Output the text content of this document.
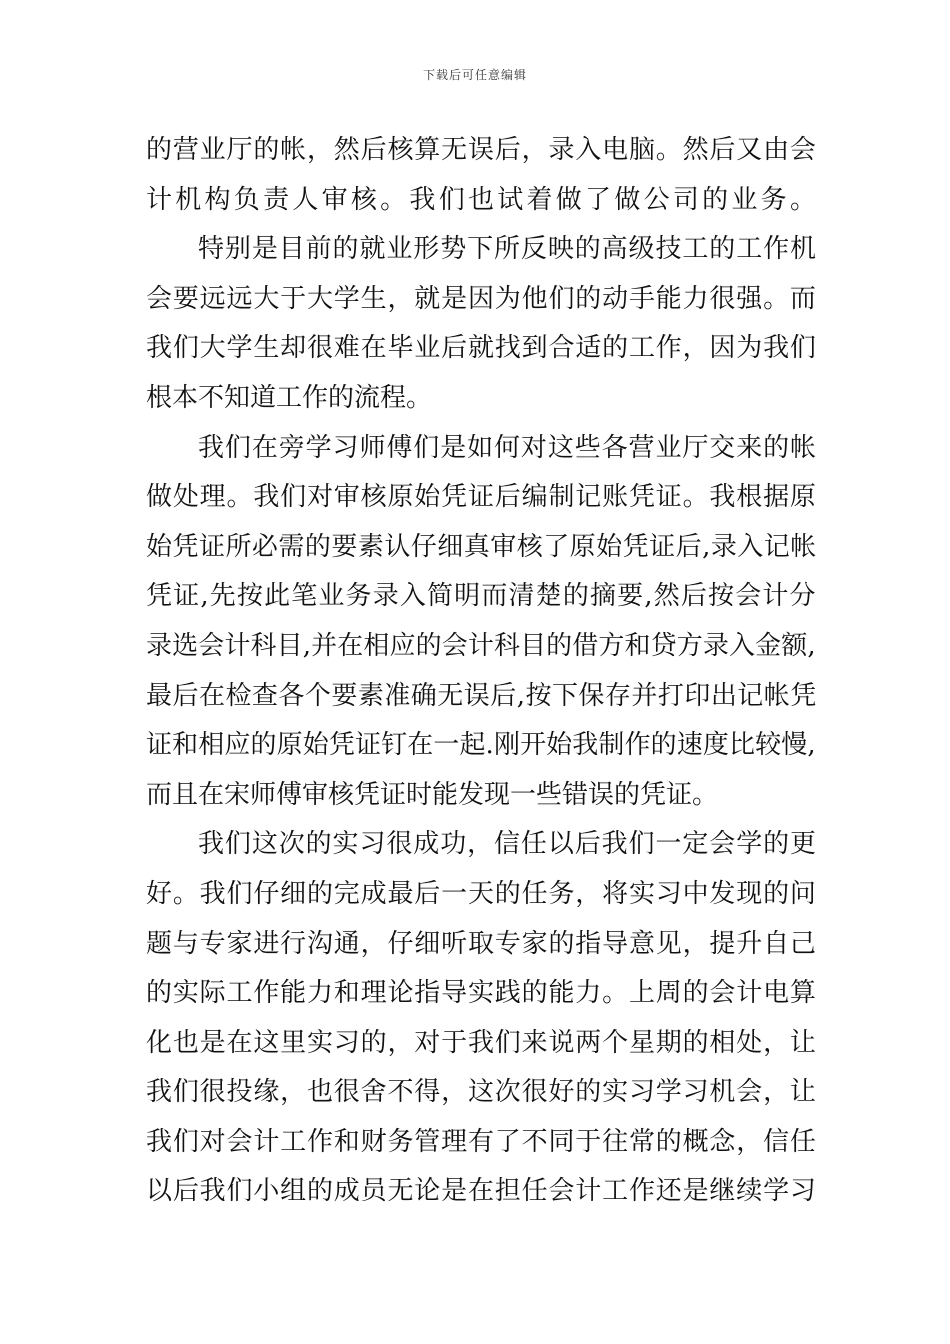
下载后可任意编辑
的营业厅的帐，然后核算无误后，录入电脑。然后又由会
计机构负责人审核。我们也试着做了做公司的业务。
特别是目前的就业形势下所反映的高级技工的工作机
会要远远大于大学生，就是因为他们的动手能力很强。而
我们大学生却很难在毕业后就找到合适的工作，因为我们
根本不知道工作的流程。
我们在旁学习师傅们是如何对这些各营业厅交来的帐
做处理。我们对审核原始凭证后编制记账凭证。我根据原
始凭证所必需的要素认仔细真审核了原始凭证后,录入记帐
凭证,先按此笔业务录入简明而清楚的摘要,然后按会计分
录选会计科目,并在相应的会计科目的借方和贷方录入金额,
最后在检查各个要素准确无误后,按下保存并打印出记帐凭
证和相应的原始凭证钉在一起.刚开始我制作的速度比较慢,
而且在宋师傅审核凭证时能发现一些错误的凭证。
我们这次的实习很成功，信任以后我们一定会学的更
好。我们仔细的完成最后一天的任务，将实习中发现的问
题与专家进行沟通，仔细听取专家的指导意见，提升自己
的实际工作能力和理论指导实践的能力。上周的会计电算
化也是在这里实习的，对于我们来说两个星期的相处，让
我们很投缘，也很舍不得，这次很好的实习学习机会，让
我们对会计工作和财务管理有了不同于往常的概念，信任
以后我们小组的成员无论是在担任会计工作还是继续学习
